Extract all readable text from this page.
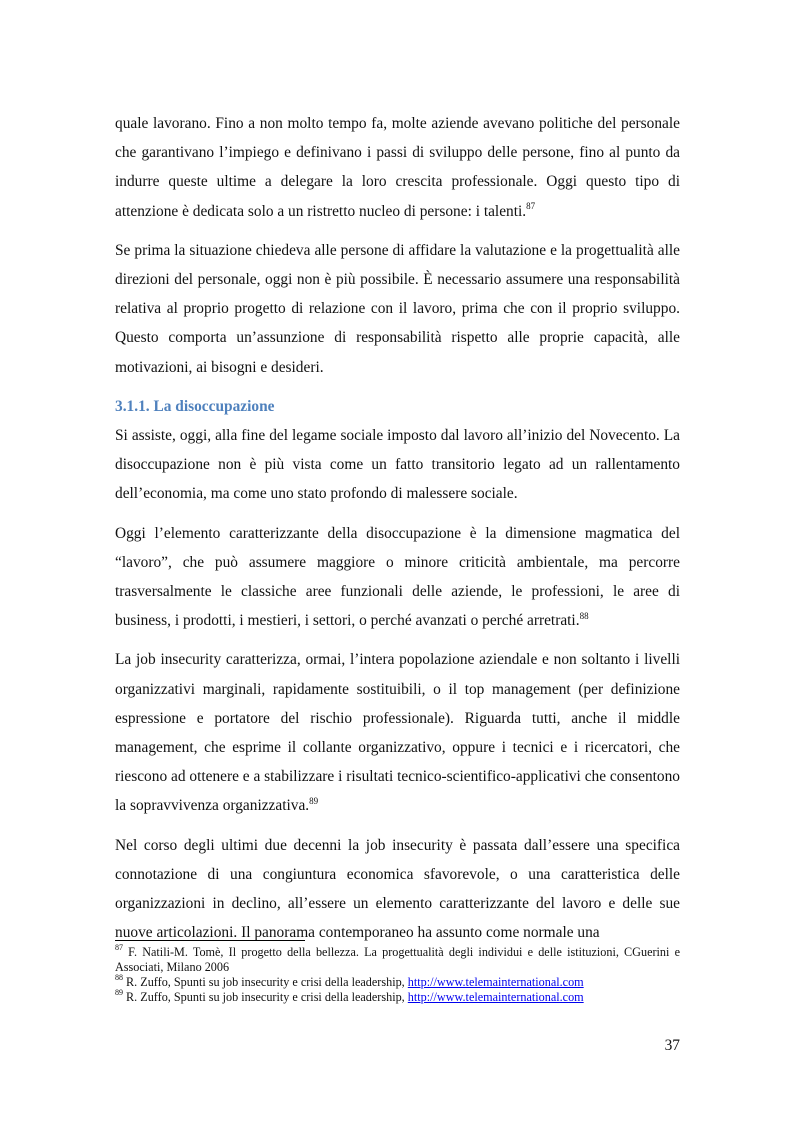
quale lavorano. Fino a non molto tempo fa, molte aziende avevano politiche del personale che garantivano l’impiego e definivano i passi di sviluppo delle persone, fino al punto da indurre queste ultime a delegare la loro crescita professionale. Oggi questo tipo di attenzione è dedicata solo a un ristretto nucleo di persone: i talenti.$^{87}$

Se prima la situazione chiedeva alle persone di affidare la valutazione e la progettualità alle direzioni del personale, oggi non è più possibile. È necessario assumere una responsabilità relativa al proprio progetto di relazione con il lavoro, prima che con il proprio sviluppo. Questo comporta un’assunzione di responsabilità rispetto alle proprie capacità, alle motivazioni, ai bisogni e desideri.

3.1.1. La disoccupazione

Si assiste, oggi, alla fine del legame sociale imposto dal lavoro all’inizio del Novecento. La disoccupazione non è più vista come un fatto transitorio legato ad un rallentamento dell’economia, ma come uno stato profondo di malessere sociale.

Oggi l’elemento caratterizzante della disoccupazione è la dimensione magmatica del “lavoro”, che può assumere maggiore o minore criticità ambientale, ma percorre trasversalmente le classiche aree funzionali delle aziende, le professioni, le aree di business, i prodotti, i mestieri, i settori, o perché avanzati o perché arretrati.$^{88}$

La job insecurity caratterizza, ormai, l’intera popolazione aziendale e non soltanto i livelli organizzativi marginali, rapidamente sostituibili, o il top management (per definizione espressione e portatore del rischio professionale). Riguarda tutti, anche il middle management, che esprime il collante organizzativo, oppure i tecnici e i ricercatori, che riescono ad ottenere e a stabilizzare i risultati tecnico-scientifico-applicativi che consentono la sopravvivenza organizzativa.$^{89}$

Nel corso degli ultimi due decenni la job insecurity è passata dall’essere una specifica connotazione di una congiuntura economica sfavorevole, o una caratteristica delle organizzazioni in declino, all’essere un elemento caratterizzante del lavoro e delle sue nuove articolazioni. Il panorama contemporaneo ha assunto come normale una

$^{87}$ F. Natili-M. Tomè, Il progetto della bellezza. La progettualità degli individui e delle istituzioni, CGuerini e Associati, Milano 2006

$^{88}$ R. Zuffo, Spunti su job insecurity e crisi della leadership, http://www.telemainternational.com

$^{89}$ R. Zuffo, Spunti su job insecurity e crisi della leadership, http://www.telemainternational.com

37
